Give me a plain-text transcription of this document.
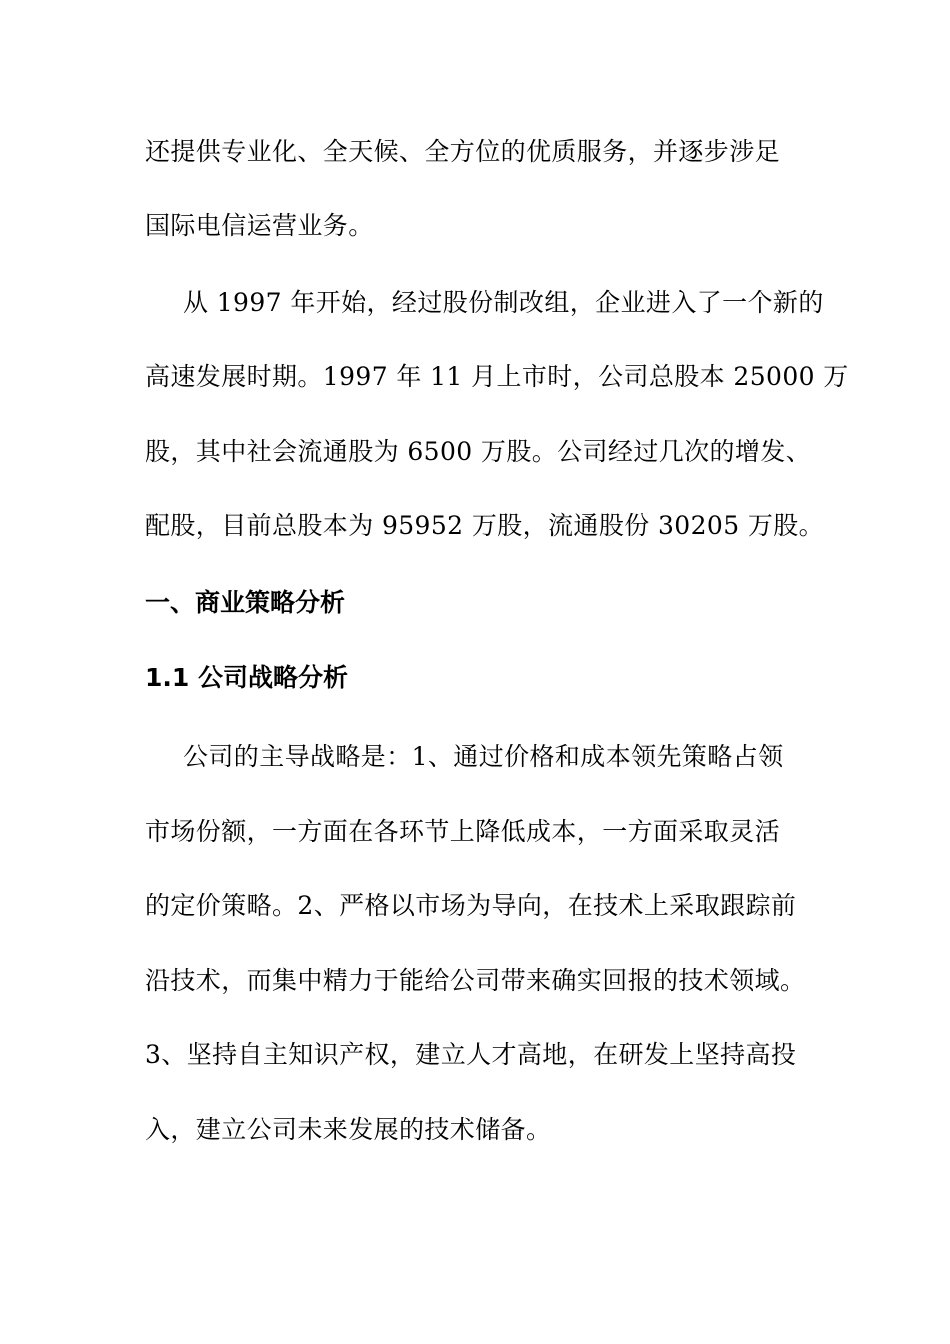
还提供专业化、全天候、全方位的优质服务，并逐步涉足
国际电信运营业务。
从 1997 年开始，经过股份制改组，企业进入了一个新的
高速发展时期。1997 年 11 月上市时，公司总股本 25000 万
股，其中社会流通股为 6500 万股。公司经过几次的增发、
配股，目前总股本为 95952 万股，流通股份 30205 万股。
一、商业策略分析
1.1 公司战略分析
公司的主导战略是：1、通过价格和成本领先策略占领
市场份额，一方面在各环节上降低成本，一方面采取灵活
的定价策略。2、严格以市场为导向，在技术上采取跟踪前
沿技术，而集中精力于能给公司带来确实回报的技术领域。
3、坚持自主知识产权，建立人才高地，在研发上坚持高投
入，建立公司未来发展的技术储备。
